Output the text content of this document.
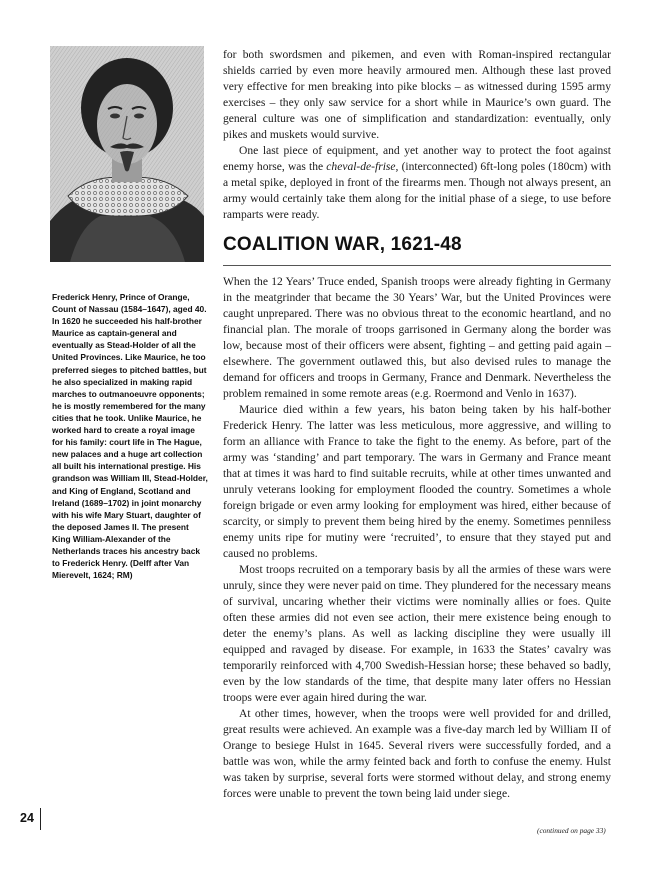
Frederick Henry, Prince of Orange, Count of Nassau (1584–1647), aged 40. In 1620 he succeeded his half-brother Maurice as captain-general and eventually as Stead-Holder of all the United Provinces. Like Maurice, he too preferred sieges to pitched battles, but he also specialized in making rapid marches to outmanoeuvre opponents; he is mostly remembered for the many cities that he took. Unlike Maurice, he worked hard to create a royal image for his family: court life in The Hague, new palaces and a huge art collection all built his international prestige. His grandson was William III, Stead-Holder, and King of England, Scotland and Ireland (1689–1702) in joint monarchy with his wife Mary Stuart, daughter of the deposed James II. The present King William-Alexander of the Netherlands traces his ancestry back to Frederick Henry. (Delff after Van Mierevelt, 1624; RM)

for both swordsmen and pikemen, and even with Roman-inspired rectangular shields carried by even more heavily armoured men. Although these last proved very effective for men breaking into pike blocks – as witnessed during 1595 army exercises – they only saw service for a short while in Maurice’s own guard. The general culture was one of simplification and standardization: eventually, only pikes and muskets would survive.

One last piece of equipment, and yet another way to protect the foot against enemy horse, was the cheval-de-frise, (interconnected) 6ft-long poles (180cm) with a metal spike, deployed in front of the firearms men. Though not always present, an army would certainly take them along for the initial phase of a siege, to use before ramparts were ready.

COALITION WAR, 1621-48

When the 12 Years’ Truce ended, Spanish troops were already fighting in Germany in the meatgrinder that became the 30 Years’ War, but the United Provinces were caught unprepared. There was no obvious threat to the economic heartland, and no financial plan. The morale of troops garrisoned in Germany along the border was low, because most of their officers were absent, fighting – and getting paid again – elsewhere. The government outlawed this, but also devised rules to manage the demand for officers and troops in Germany, France and Denmark. Nevertheless the problem remained in some remote areas (e.g. Roermond and Venlo in 1637).

Maurice died within a few years, his baton being taken by his half-bother Frederick Henry. The latter was less meticulous, more aggressive, and willing to form an alliance with France to take the fight to the enemy. As before, part of the army was ‘standing’ and part temporary. The wars in Germany and France meant that at times it was hard to find suitable recruits, while at other times unwanted and unruly veterans looking for employment flooded the country. Sometimes a whole foreign brigade or even army looking for employment was hired, either because of scarcity, or simply to prevent them being hired by the enemy. Sometimes penniless enemy units ripe for mutiny were ‘recruited’, to ensure that they stayed put and caused no problems.

Most troops recruited on a temporary basis by all the armies of these wars were unruly, since they were never paid on time. They plundered for the necessary means of survival, uncaring whether their victims were nominally allies or foes. Quite often these armies did not even see action, their mere existence being enough to deter the enemy’s plans. As well as lacking discipline they were usually ill equipped and ravaged by disease. For example, in 1633 the States’ cavalry was temporarily reinforced with 4,700 Swedish-Hessian horse; these behaved so badly, even by the low standards of the time, that despite many later offers no Hessian troops were ever again hired during the war.

At other times, however, when the troops were well provided for and drilled, great results were achieved. An example was a five-day march led by William II of Orange to besiege Hulst in 1645. Several rivers were successfully forded, and a battle was won, while the army feinted back and forth to confuse the enemy. Hulst was taken by surprise, several forts were stormed without delay, and strong enemy forces were unable to prevent the town being laid under siege.

24
(continued on page 33)
